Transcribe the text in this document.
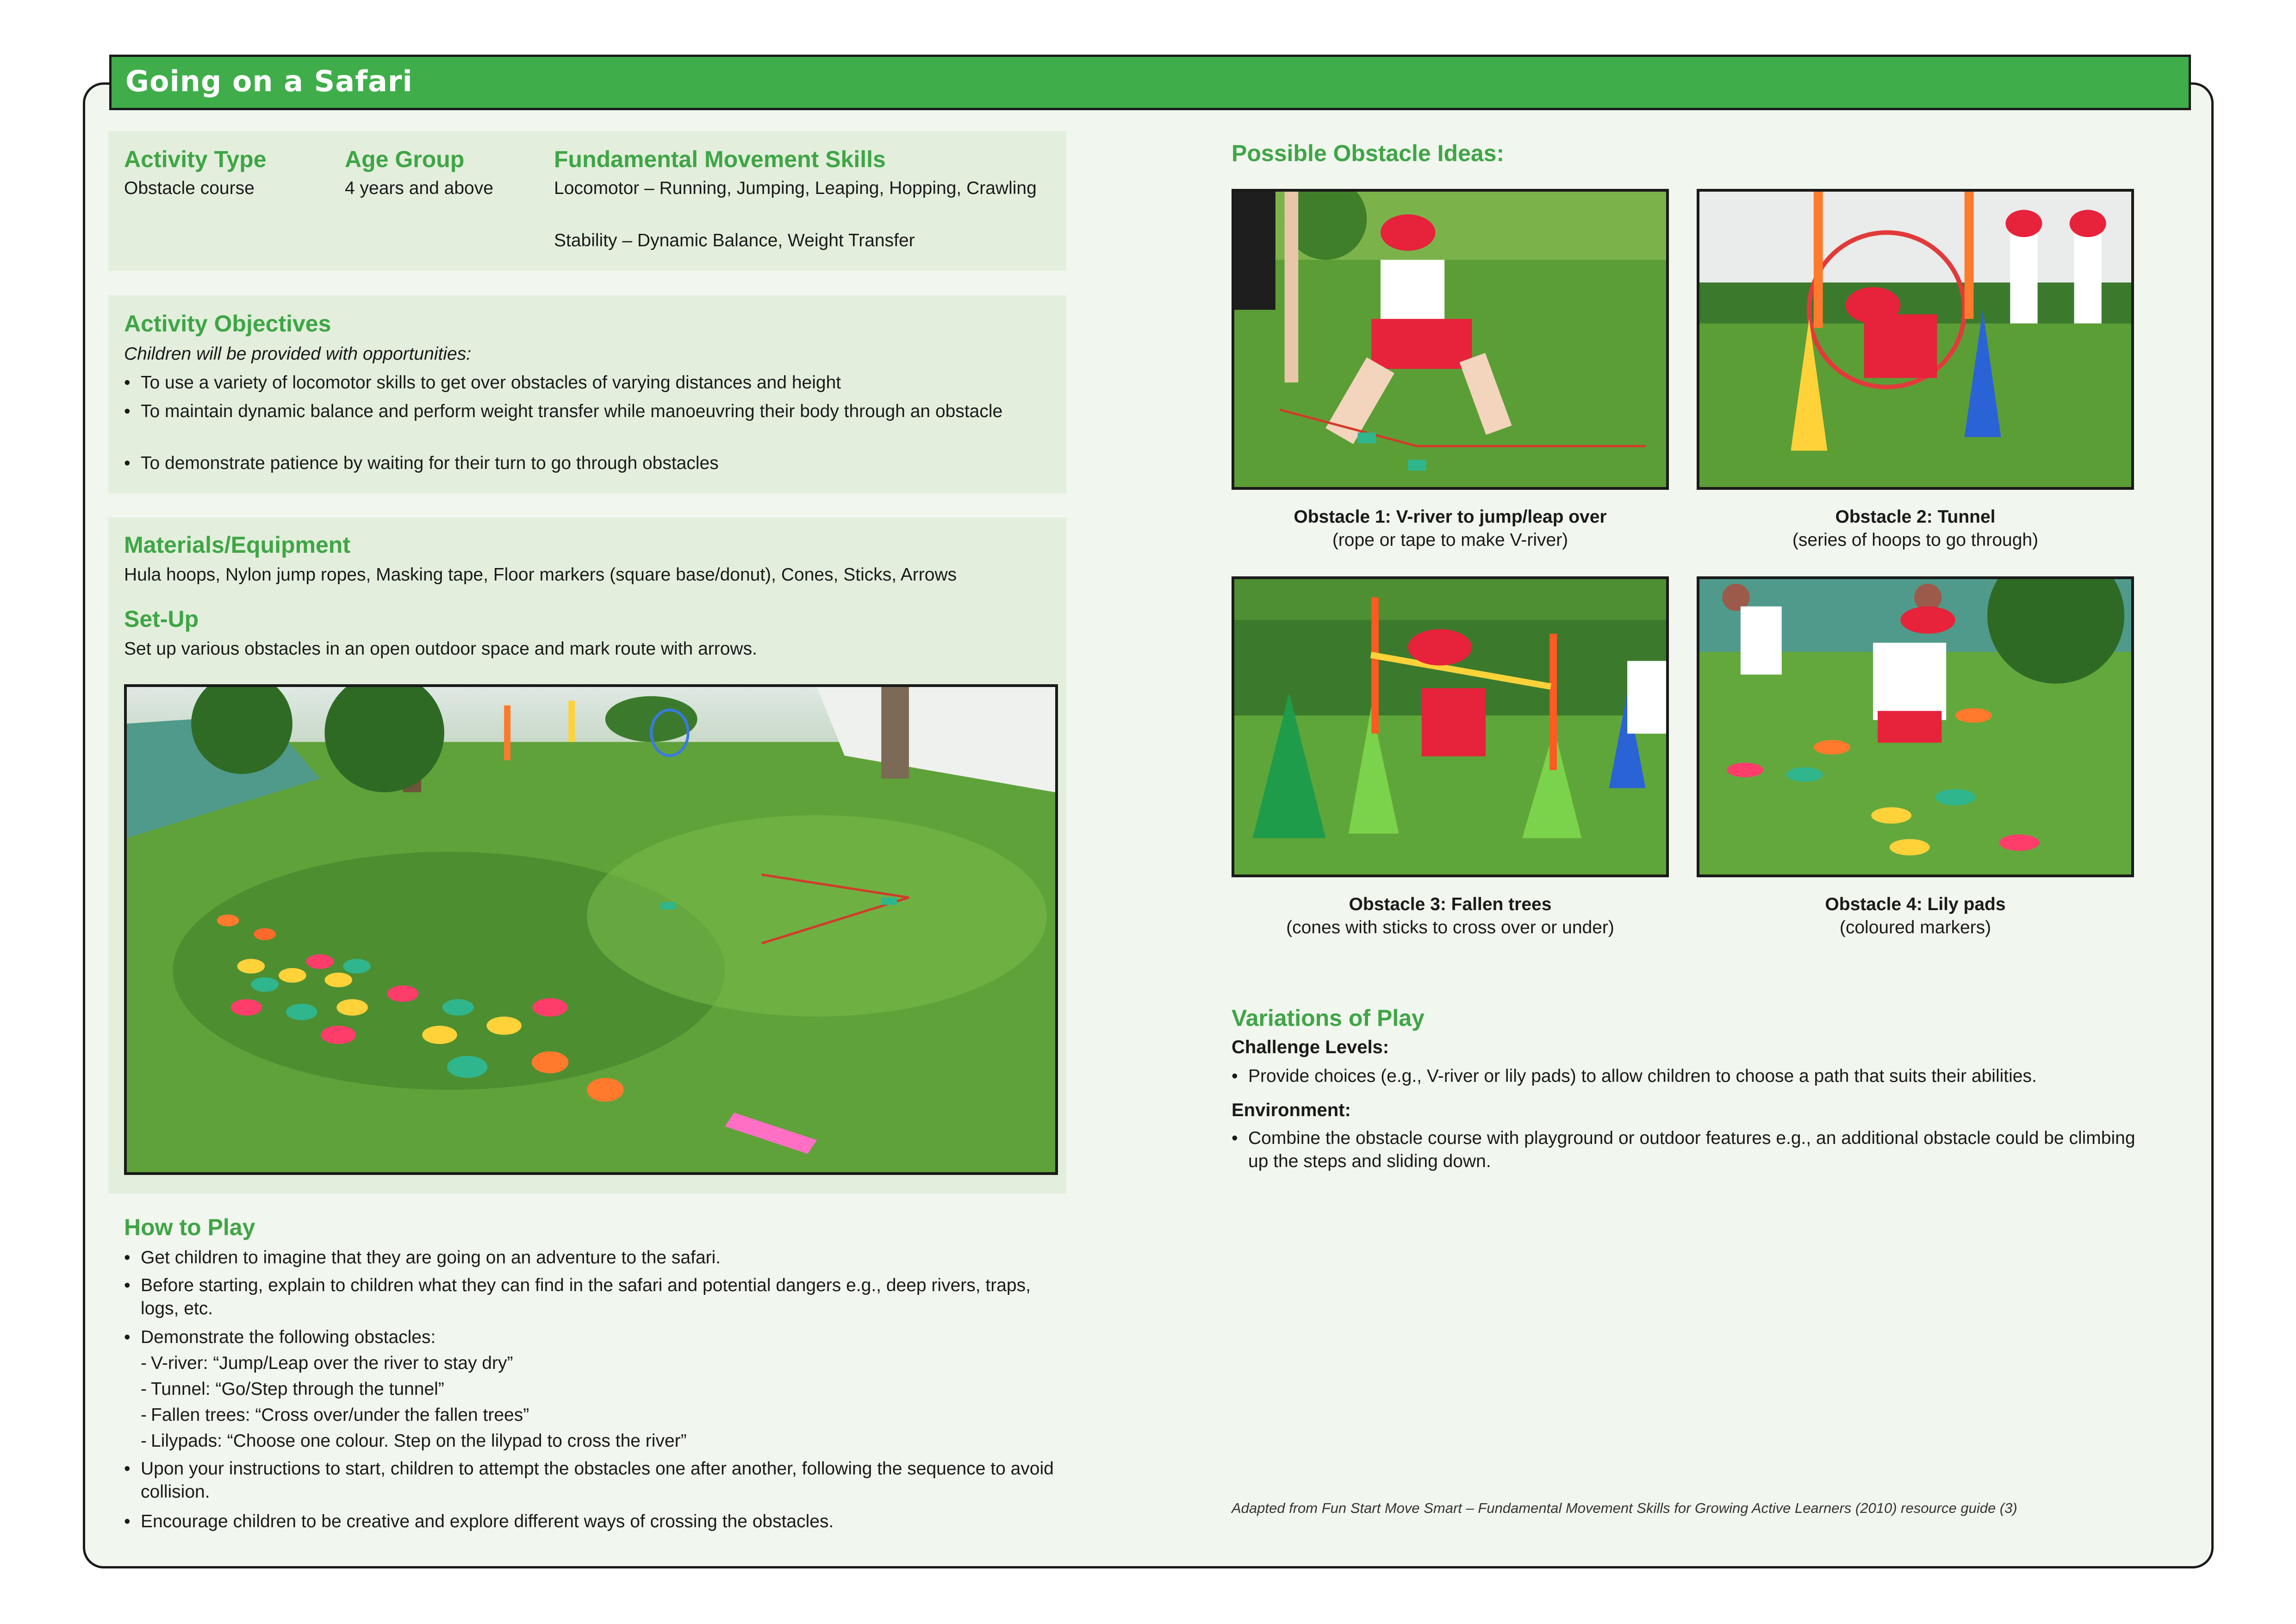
Going on a Safari
Activity Type
Obstacle course
Age Group
4 years and above
Fundamental Movement Skills
Locomotor – Running, Jumping, Leaping, Hopping, Crawling
Stability – Dynamic Balance, Weight Transfer
Activity Objectives
Children will be provided with opportunities:
• To use a variety of locomotor skills to get over obstacles of varying distances and height
• To maintain dynamic balance and perform weight transfer while manoeuvring their body through an obstacle
• To demonstrate patience by waiting for their turn to go through obstacles
Materials/Equipment
Hula hoops, Nylon jump ropes, Masking tape, Floor markers (square base/donut), Cones, Sticks, Arrows
Set-Up
Set up various obstacles in an open outdoor space and mark route with arrows.
How to Play
• Get children to imagine that they are going on an adventure to the safari.
• Before starting, explain to children what they can find in the safari and potential dangers e.g., deep rivers, traps, logs, etc.
• Demonstrate the following obstacles:
- V-river: “Jump/Leap over the river to stay dry”
- Tunnel: “Go/Step through the tunnel”
- Fallen trees: “Cross over/under the fallen trees”
- Lilypads: “Choose one colour. Step on the lilypad to cross the river”
• Upon your instructions to start, children to attempt the obstacles one after another, following the sequence to avoid collision.
• Encourage children to be creative and explore different ways of crossing the obstacles.
Possible Obstacle Ideas:
Obstacle 1: V-river to jump/leap over
(rope or tape to make V-river)
Obstacle 2: Tunnel
(series of hoops to go through)
Obstacle 3: Fallen trees
(cones with sticks to cross over or under)
Obstacle 4: Lily pads
(coloured markers)
Variations of Play
Challenge Levels:
• Provide choices (e.g., V-river or lily pads) to allow children to choose a path that suits their abilities.
Environment:
• Combine the obstacle course with playground or outdoor features e.g., an additional obstacle could be climbing up the steps and sliding down.
Adapted from Fun Start Move Smart – Fundamental Movement Skills for Growing Active Learners (2010) resource guide (3)
